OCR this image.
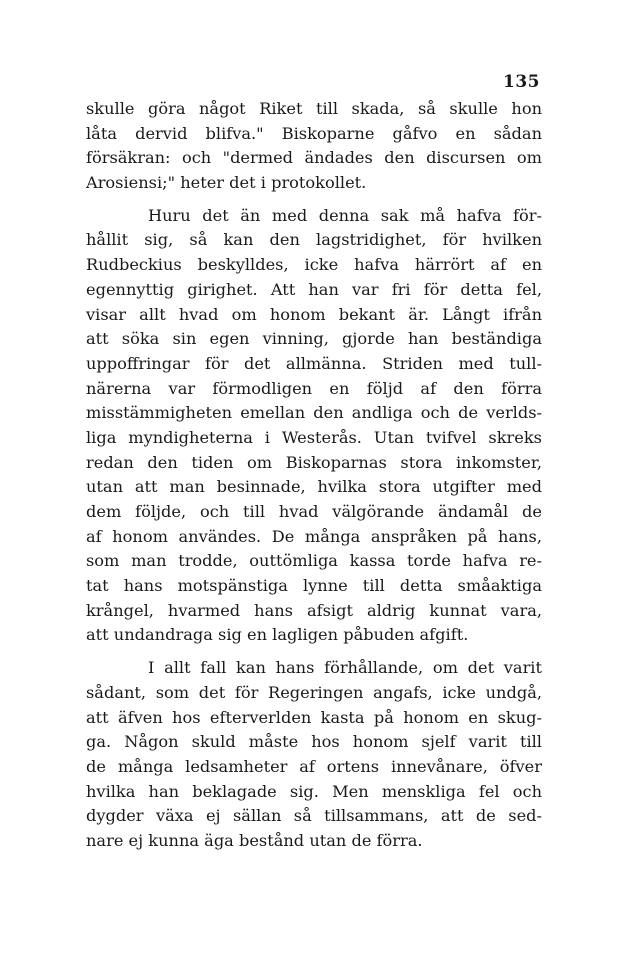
135
skulle göra något Riket till skada, så skulle hon
låta dervid blifva." Biskoparne gåfvo en sådan
försäkran: och "dermed ändades den discursen om
Arosiensi;" heter det i protokollet.
Huru det än med denna sak må hafva för-
hållit sig, så kan den lagstridighet, för hvilken
Rudbeckius beskylldes, icke hafva härrört af en
egennyttig girighet. Att han var fri för detta fel,
visar allt hvad om honom bekant är. Långt ifrån
att söka sin egen vinning, gjorde han beständiga
uppoffringar för det allmänna. Striden med tull-
närerna var förmodligen en följd af den förra
misstämmigheten emellan den andliga och de verlds-
liga myndigheterna i Westerås. Utan tvifvel skreks
redan den tiden om Biskoparnas stora inkomster,
utan att man besinnade, hvilka stora utgifter med
dem följde, och till hvad välgörande ändamål de
af honom användes. De många anspråken på hans,
som man trodde, outtömliga kassa torde hafva re-
tat hans motspänstiga lynne till detta småaktiga
krångel, hvarmed hans afsigt aldrig kunnat vara,
att undandraga sig en lagligen påbuden afgift.
I allt fall kan hans förhållande, om det varit
sådant, som det för Regeringen angafs, icke undgå,
att äfven hos efterverlden kasta på honom en skug-
ga. Någon skuld måste hos honom sjelf varit till
de många ledsamheter af ortens innevånare, öfver
hvilka han beklagade sig. Men menskliga fel och
dygder växa ej sällan så tillsammans, att de sed-
nare ej kunna äga bestånd utan de förra.
